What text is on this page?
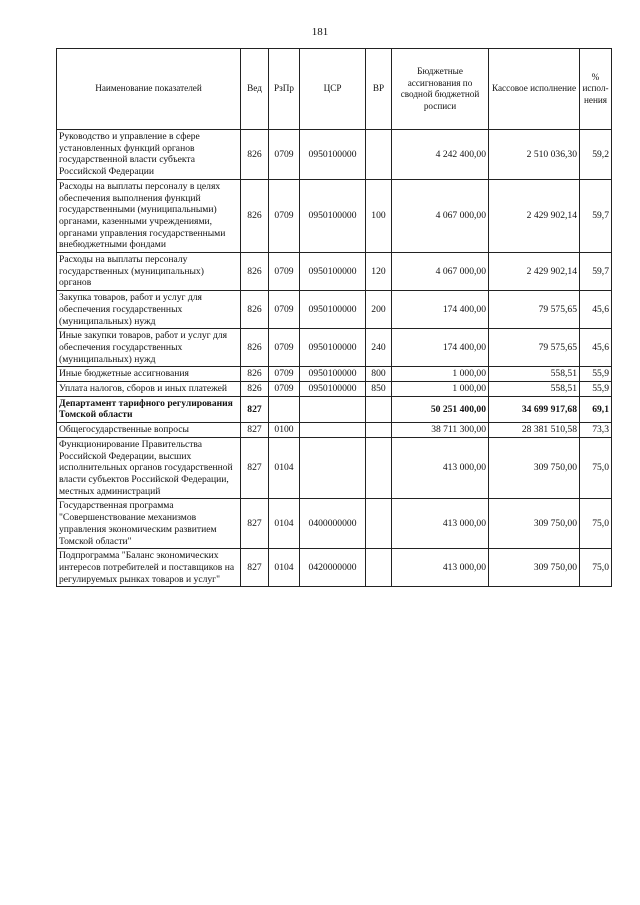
181
Наименование показателей	Вед	РзПр	ЦСР	ВР	Бюджетные ассигнования по сводной бюджетной росписи	Кассовое исполнение	% испол-нения
Руководство и управление в сфере установленных функций органов государственной власти субъекта Российской Федерации	826	0709	0950100000		4 242 400,00	2 510 036,30	59,2
Расходы на выплаты персоналу в целях обеспечения выполнения функций государственными (муниципальными) органами, казенными учреждениями, органами управления государственными внебюджетными фондами	826	0709	0950100000	100	4 067 000,00	2 429 902,14	59,7
Расходы на выплаты персоналу государственных (муниципальных) органов	826	0709	0950100000	120	4 067 000,00	2 429 902,14	59,7
Закупка товаров, работ и услуг для обеспечения государственных (муниципальных) нужд	826	0709	0950100000	200	174 400,00	79 575,65	45,6
Иные закупки товаров, работ и услуг для обеспечения государственных (муниципальных) нужд	826	0709	0950100000	240	174 400,00	79 575,65	45,6
Иные бюджетные ассигнования	826	0709	0950100000	800	1 000,00	558,51	55,9
Уплата налогов, сборов и иных платежей	826	0709	0950100000	850	1 000,00	558,51	55,9
Департамент тарифного регулирования Томской области	827				50 251 400,00	34 699 917,68	69,1
Общегосударственные вопросы	827	0100			38 711 300,00	28 381 510,58	73,3
Функционирование Правительства Российской Федерации, высших исполнительных органов государственной власти субъектов Российской Федерации, местных администраций	827	0104			413 000,00	309 750,00	75,0
Государственная программа "Совершенствование механизмов управления экономическим развитием Томской области"	827	0104	0400000000		413 000,00	309 750,00	75,0
Подпрограмма "Баланс экономических интересов потребителей и поставщиков на регулируемых рынках товаров и услуг"	827	0104	0420000000		413 000,00	309 750,00	75,0
